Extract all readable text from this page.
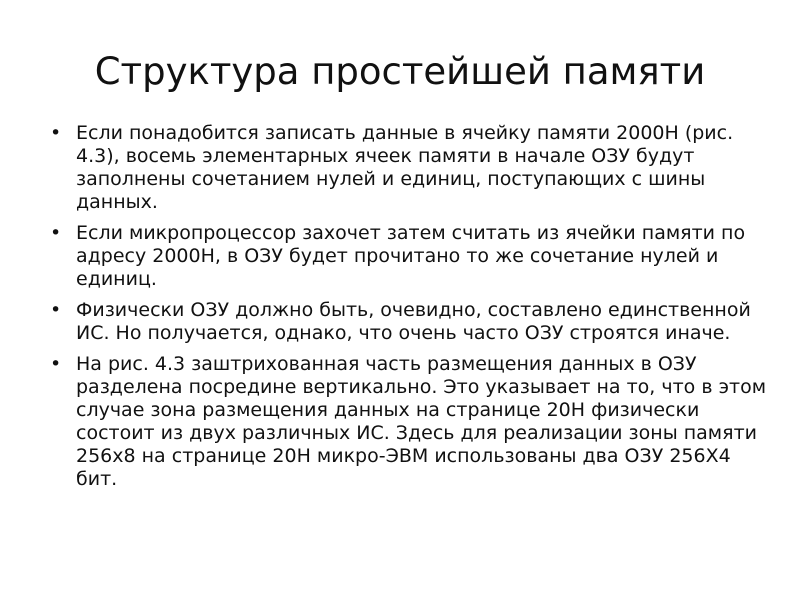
Структура простейшей памяти
• Если понадобится записать данные в ячейку памяти 2000H (рис. 4.3), восемь элементарных ячеек памяти в начале ОЗУ будут заполнены сочетанием нулей и единиц, поступающих с шины данных.
• Если микропроцессор захочет затем считать из ячейки памяти по адресу 2000H, в ОЗУ будет прочитано то же сочетание нулей и единиц.
• Физически ОЗУ должно быть, очевидно, составлено единственной ИС. Но получается, однако, что очень часто ОЗУ строятся иначе.
• На рис. 4.3 заштрихованная часть размещения данных в ОЗУ разделена посредине вертикально. Это указывает на то, что в этом случае зона размещения данных на странице 20H физически состоит из двух различных ИС. Здесь для реализации зоны памяти 256х8 на странице 20H микро-ЭВМ использованы два ОЗУ 256Х4 бит.
